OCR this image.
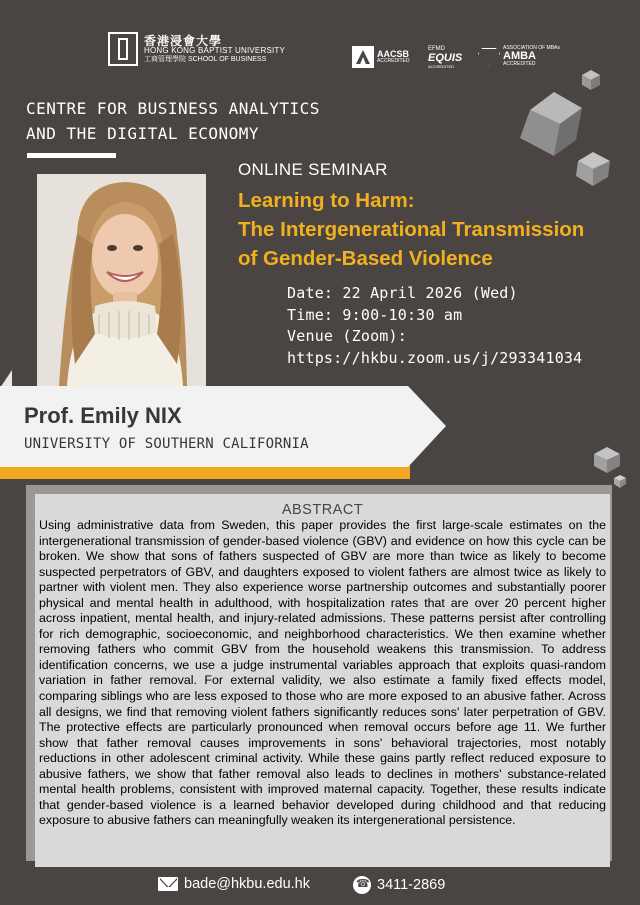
香港浸會大學
HONG KONG BAPTIST UNIVERSITY
工商管理學院 SCHOOL OF BUSINESS
AACSB
ACCREDITED
EFMD
EQUIS
ACCREDITED
ASSOCIATION OF MBAs
AMBA
ACCREDITED
CENTRE FOR BUSINESS ANALYTICS
AND THE DIGITAL ECONOMY
ONLINE SEMINAR
Learning to Harm:
The Intergenerational Transmission
of Gender-Based Violence
Date: 22 April 2026 (Wed)
Time: 9:00-10:30 am
Venue (Zoom):
https://hkbu.zoom.us/j/293341034
Prof. Emily NIX
UNIVERSITY OF SOUTHERN CALIFORNIA
ABSTRACT
Using administrative data from Sweden, this paper provides the first large-scale estimates on the intergenerational transmission of gender-based violence (GBV) and evidence on how this cycle can be broken. We show that sons of fathers suspected of GBV are more than twice as likely to become suspected perpetrators of GBV, and daughters exposed to violent fathers are almost twice as likely to partner with violent men. They also experience worse partnership outcomes and substantially poorer physical and mental health in adulthood, with hospitalization rates that are over 20 percent higher across inpatient, mental health, and injury-related admissions. These patterns persist after controlling for rich demographic, socioeconomic, and neighborhood characteristics. We then examine whether removing fathers who commit GBV from the household weakens this transmission. To address identification concerns, we use a judge instrumental variables approach that exploits quasi-random variation in father removal. For external validity, we also estimate a family fixed effects model, comparing siblings who are less exposed to those who are more exposed to an abusive father. Across all designs, we find that removing violent fathers significantly reduces sons' later perpetration of GBV. The protective effects are particularly pronounced when removal occurs before age 11. We further show that father removal causes improvements in sons' behavioral trajectories, most notably reductions in other adolescent criminal activity. While these gains partly reflect reduced exposure to abusive fathers, we show that father removal also leads to declines in mothers' substance-related mental health problems, consistent with improved maternal capacity. Together, these results indicate that gender-based violence is a learned behavior developed during childhood and that reducing exposure to abusive fathers can meaningfully weaken its intergenerational persistence.
bade@hkbu.edu.hk
☎	3411-2869
